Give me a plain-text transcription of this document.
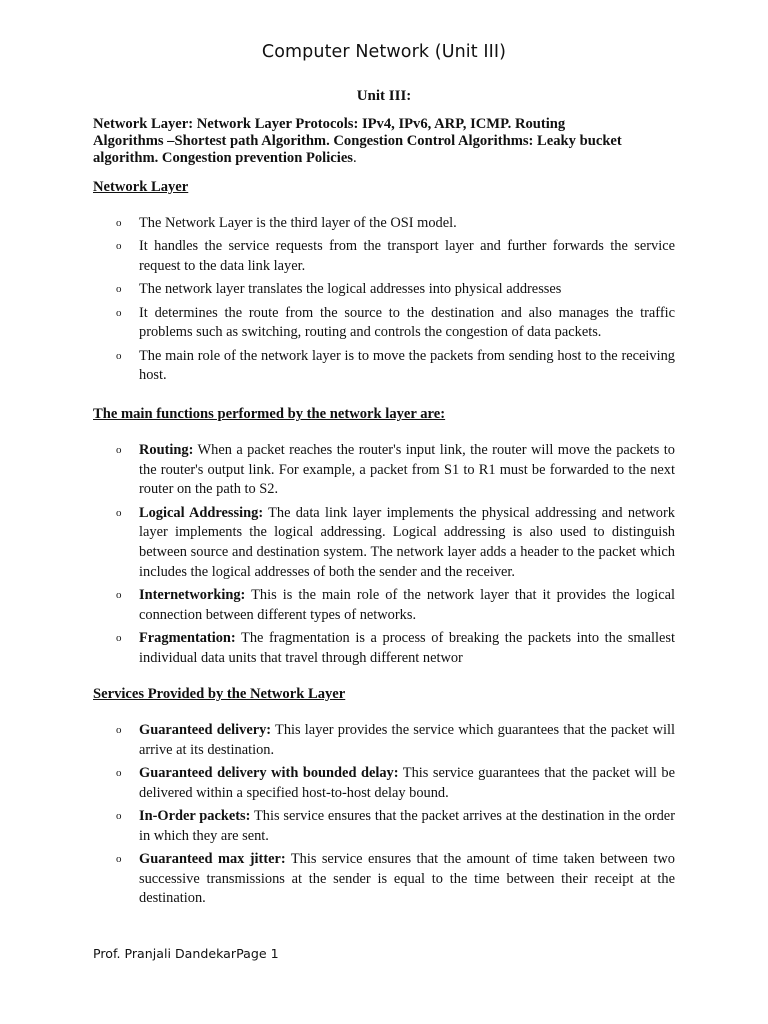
Computer Network (Unit III)
Unit III:

Network Layer: Network Layer Protocols: IPv4, IPv6, ARP, ICMP. Routing Algorithms –Shortest path Algorithm. Congestion Control Algorithms: Leaky bucket algorithm. Congestion prevention Policies.

Network Layer
o The Network Layer is the third layer of the OSI model.
o It handles the service requests from the transport layer and further forwards the service request to the data link layer.
o The network layer translates the logical addresses into physical addresses
o It determines the route from the source to the destination and also manages the traffic problems such as switching, routing and controls the congestion of data packets.
o The main role of the network layer is to move the packets from sending host to the receiving host.
The main functions performed by the network layer are:
o Routing: When a packet reaches the router's input link, the router will move the packets to the router's output link. For example, a packet from S1 to R1 must be forwarded to the next router on the path to S2.
o Logical Addressing: The data link layer implements the physical addressing and network layer implements the logical addressing. Logical addressing is also used to distinguish between source and destination system. The network layer adds a header to the packet which includes the logical addresses of both the sender and the receiver.
o Internetworking: This is the main role of the network layer that it provides the logical connection between different types of networks.
o Fragmentation: The fragmentation is a process of breaking the packets into the smallest individual data units that travel through different networ
Services Provided by the Network Layer
o Guaranteed delivery: This layer provides the service which guarantees that the packet will arrive at its destination.
o Guaranteed delivery with bounded delay: This service guarantees that the packet will be delivered within a specified host-to-host delay bound.
o In-Order packets: This service ensures that the packet arrives at the destination in the order in which they are sent.
o Guaranteed max jitter: This service ensures that the amount of time taken between two successive transmissions at the sender is equal to the time between their receipt at the destination.
Prof. Pranjali DandekarPage 1
